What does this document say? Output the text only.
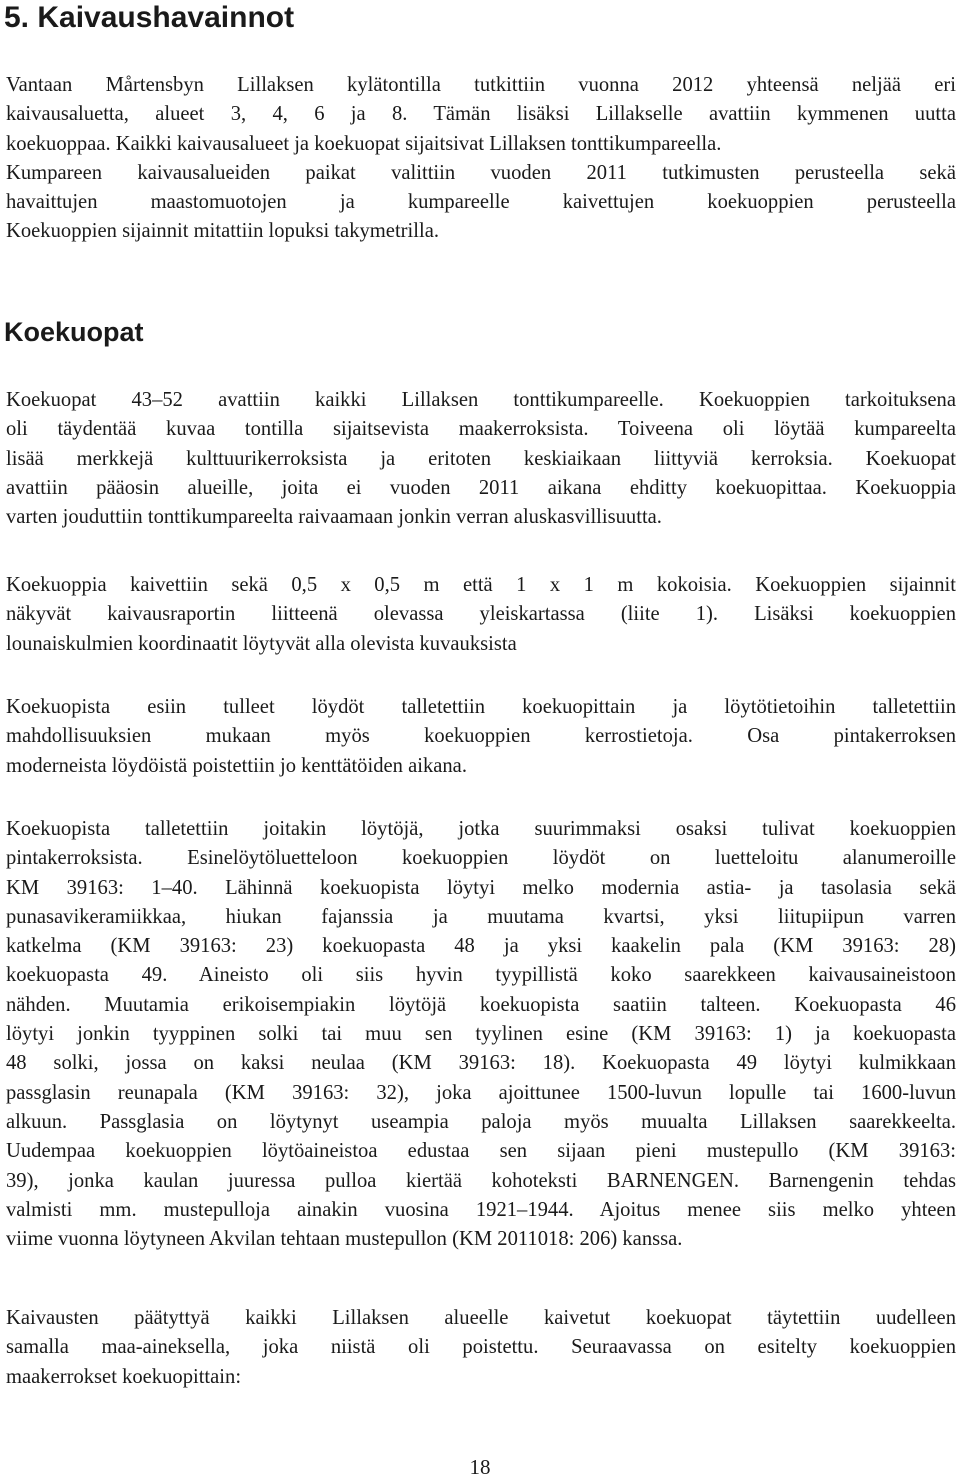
5. Kaivaushavainnot

Vantaan Mårtensbyn Lillaksen kylätontilla tutkittiin vuonna 2012 yhteensä neljää eri
kaivausaluetta, alueet 3, 4, 6 ja 8. Tämän lisäksi Lillakselle avattiin kymmenen uutta
koekuoppaa. Kaikki kaivausalueet ja koekuopat sijaitsivat Lillaksen tonttikumpareella.
Kumpareen kaivausalueiden paikat valittiin vuoden 2011 tutkimusten perusteella sekä
havaittujen maastomuotojen ja kumpareelle kaivettujen koekuoppien perusteella
Koekuoppien sijainnit mitattiin lopuksi takymetrilla.

Koekuopat

Koekuopat 43–52 avattiin kaikki Lillaksen tonttikumpareelle. Koekuoppien tarkoituksena
oli täydentää kuvaa tontilla sijaitsevista maakerroksista. Toiveena oli löytää kumpareelta
lisää merkkejä kulttuurikerroksista ja eritoten keskiaikaan liittyviä kerroksia. Koekuopat
avattiin pääosin alueille, joita ei vuoden 2011 aikana ehditty koekuopittaa. Koekuoppia
varten jouduttiin tonttikumpareelta raivaamaan jonkin verran aluskasvillisuutta.

Koekuoppia kaivettiin sekä 0,5 x 0,5 m että 1 x 1 m kokoisia. Koekuoppien sijainnit
näkyvät kaivausraportin liitteenä olevassa yleiskartassa (liite 1). Lisäksi koekuoppien
lounaiskulmien koordinaatit löytyvät alla olevista kuvauksista

Koekuopista esiin tulleet löydöt talletettiin koekuopittain ja löytötietoihin talletettiin
mahdollisuuksien mukaan myös koekuoppien kerrostietoja. Osa pintakerroksen
moderneista löydöistä poistettiin jo kenttätöiden aikana.

Koekuopista talletettiin joitakin löytöjä, jotka suurimmaksi osaksi tulivat koekuoppien
pintakerroksista. Esinelöytöluetteloon koekuoppien löydöt on luetteloitu alanumeroille
KM 39163: 1–40. Lähinnä koekuopista löytyi melko modernia astia- ja tasolasia sekä
punasavikeramiikkaa, hiukan fajanssia ja muutama kvartsi, yksi liitupiipun varren
katkelma (KM 39163: 23) koekuopasta 48 ja yksi kaakelin pala (KM 39163: 28)
koekuopasta 49. Aineisto oli siis hyvin tyypillistä koko saarekkeen kaivausaineistoon
nähden. Muutamia erikoisempiakin löytöjä koekuopista saatiin talteen. Koekuopasta 46
löytyi jonkin tyyppinen solki tai muu sen tyylinen esine (KM 39163: 1) ja koekuopasta
48 solki, jossa on kaksi neulaa (KM 39163: 18). Koekuopasta 49 löytyi kulmikkaan
passglasin reunapala (KM 39163: 32), joka ajoittunee 1500-luvun lopulle tai 1600-luvun
alkuun. Passglasia on löytynyt useampia paloja myös muualta Lillaksen saarekkeelta.
Uudempaa koekuoppien löytöaineistoa edustaa sen sijaan pieni mustepullo (KM 39163:
39), jonka kaulan juuressa pulloa kiertää kohoteksti BARNENGEN. Barnengenin tehdas
valmisti mm. mustepulloja ainakin vuosina 1921–1944. Ajoitus menee siis melko yhteen
viime vuonna löytyneen Akvilan tehtaan mustepullon (KM 2011018: 206) kanssa.

Kaivausten päätyttyä kaikki Lillaksen alueelle kaivetut koekuopat täytettiin uudelleen
samalla maa-aineksella, joka niistä oli poistettu. Seuraavassa on esitelty koekuoppien
maakerrokset koekuopittain:

18
